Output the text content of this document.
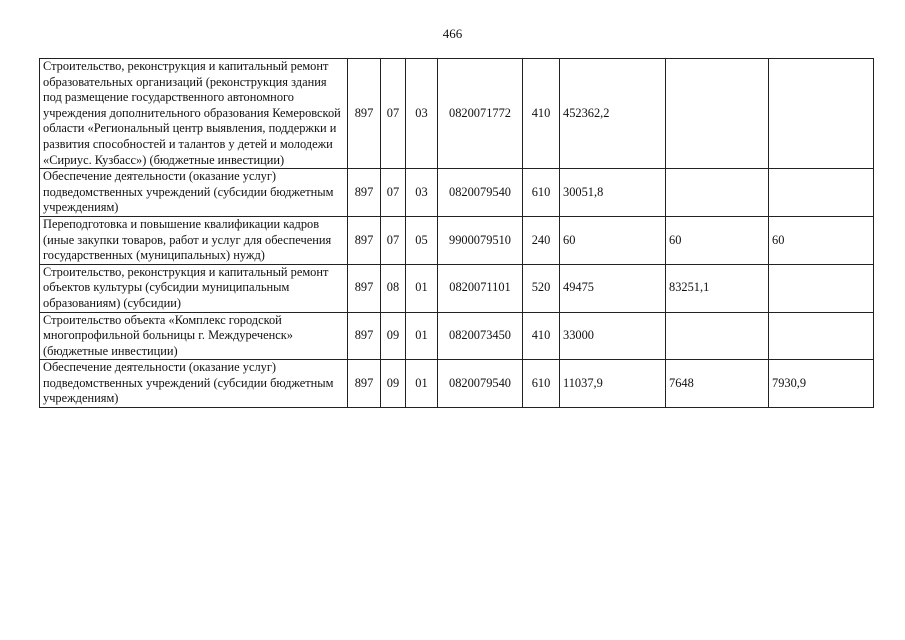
466
Строительство, реконструкция и капитальный ремонт образовательных организаций (реконструкция здания под размещение государственного автономного учреждения дополнительного образования Кемеровской области «Региональный центр выявления, поддержки и развития способностей и талантов у детей и молодежи «Сириус. Кузбасс») (бюджетные инвестиции)	897	07	03	0820071772	410	452362,2		
Обеспечение деятельности (оказание услуг) подведомственных учреждений (субсидии бюджетным учреждениям)	897	07	03	0820079540	610	30051,8		
Переподготовка и повышение квалификации кадров (иные закупки товаров, работ и услуг для обеспечения государственных (муниципальных) нужд)	897	07	05	9900079510	240	60	60	60
Строительство, реконструкция и капитальный ремонт объектов культуры (субсидии муниципальным образованиям) (субсидии)	897	08	01	0820071101	520	49475	83251,1	
Строительство объекта «Комплекс городской многопрофильной больницы г. Междуреченск» (бюджетные инвестиции)	897	09	01	0820073450	410	33000		
Обеспечение деятельности (оказание услуг) подведомственных учреждений (субсидии бюджетным учреждениям)	897	09	01	0820079540	610	11037,9	7648	7930,9
